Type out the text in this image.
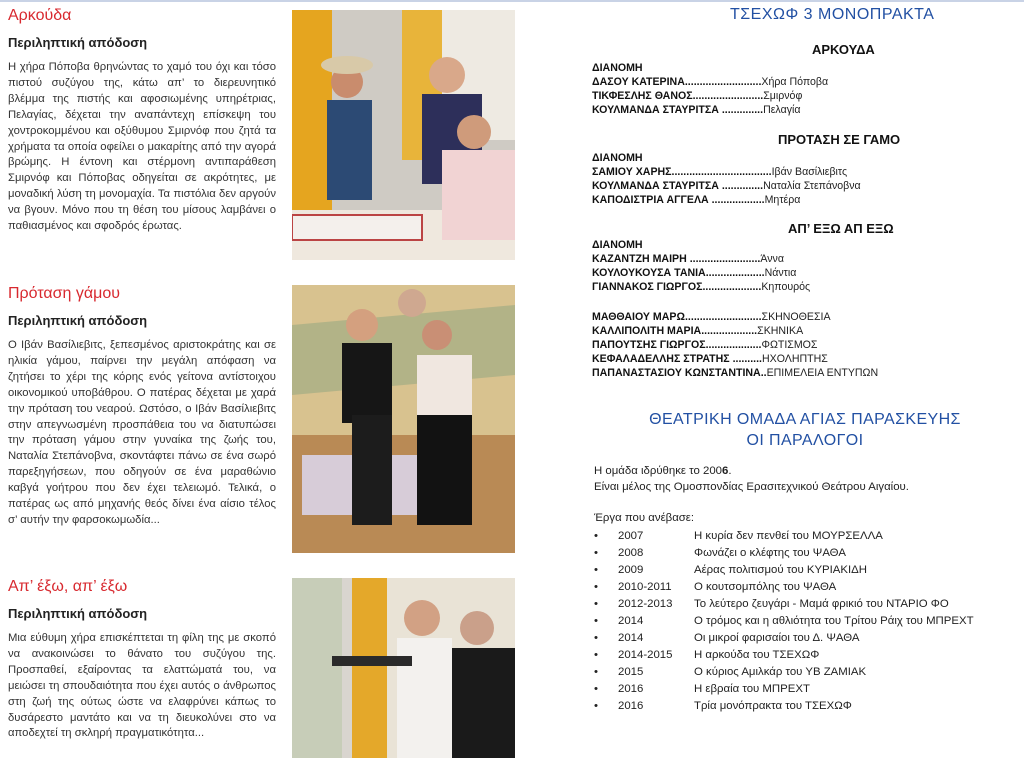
Αρκούδα
Περιληπτική απόδοση

Η χήρα Πόποβα θρηνώντας το χαμό του όχι και τόσο πιστού συζύγου της, κάτω απ’ το διερευνητικό βλέμμα της πιστής και αφοσιωμένης υπηρέτριας, Πελαγίας, δέχεται την αναπάντεχη επίσκεψη του χοντροκομμένου και οξύθυμου Σμιρνόφ που ζητά τα χρήματα τα οποία οφείλει ο μακαρίτης από την αγορά βρώμης. Η έντονη και στέρμονη αντιπαράθεση Σμιρνόφ και Πόποβας οδηγείται σε ακρότητες, με μοναδική λύση τη μονομαχία. Τα πιστόλια δεν αργούν να βγουν. Μόνο που τη θέση του μίσους λαμβάνει ο παθιασμένος και σφοδρός έρωτας.

Πρόταση γάμου
Περιληπτική απόδοση

Ο Ιβάν Βασίλιεβιτς, ξεπεσμένος αριστοκράτης και σε ηλικία γάμου, παίρνει την μεγάλη απόφαση να ζητήσει το χέρι της κόρης ενός γείτονα αντίστοιχου οικονομικού υποβάθρου. Ο πατέρας δέχεται με χαρά την πρόταση του νεαρού. Ωστόσο, ο Ιβάν Βασίλιεβιτς στην απεγνωσμένη προσπάθεια του να διατυπώσει την πρόταση γάμου στην γυναίκα της ζωής του, Ναταλία Στεπάνοβνα, σκοντάφτει πάνω σε ένα σωρό παρεξηγήσεων, που οδηγούν σε ένα μαραθώνιο καβγά γοήτρου που δεν έχει τελειωμό. Τελικά, ο πατέρας ως από μηχανής θεός δίνει ένα αίσιο τέλος σ’ αυτήν την φαρσοκωμωδία...

Απ’ έξω, απ’ έξω
Περιληπτική απόδοση

Μια εύθυμη χήρα επισκέπτεται τη φίλη της με σκοπό να ανακοινώσει το θάνατο του συζύγου της. Προσπαθεί, εξαίροντας τα ελαττώματά του, να μειώσει τη σπουδαιότητα που έχει αυτός ο άνθρωπος στη ζωή της ούτως ώστε να ελαφρύνει κάπως το δυσάρεστο μαντάτο και να τη διευκολύνει στο να αποδεχτεί τη σκληρή πραγματικότητα...

ΤΣΕΧΩΦ 3 ΜΟΝΟΠΡΑΚΤΑ
ΑΡΚΟΥΔΑ
ΔΙΑΝΟΜΗ
ΔΑΣΟΥ ΚΑΤΕΡΙΝΑ..........................Χήρα Πόποβα
ΤΙΚΦΕΣΛΗΣ ΘΑΝΟΣ........................Σμιρνόφ
ΚΟΥΛΜΑΝΔΑ ΣΤΑΥΡΙΤΣΑ ..............Πελαγία
ΠΡΟΤΑΣΗ ΣΕ ΓΑΜΟ
ΔΙΑΝΟΜΗ
ΣΑΜΙΟΥ ΧΑΡΗΣ..................................Ιβάν Βασίλιεβιτς
ΚΟΥΛΜΑΝΔΑ ΣΤΑΥΡΙΤΣΑ ..............Ναταλία Στεπάνοβνα
ΚΑΠΟΔΙΣΤΡΙΑ ΑΓΓΕΛΑ ..................Μητέρα
ΑΠ’ ΕΞΩ ΑΠ ΕΞΩ
ΔΙΑΝΟΜΗ
ΚΑΖΑΝΤΖΗ ΜΑΙΡΗ ........................Άννα
ΚΟΥΛΟΥΚΟΥΣΑ ΤΑΝΙΑ....................Νάντια
ΓΙΑΝΝΑΚΟΣ ΓΙΩΡΓΟΣ....................Κηπουρός
ΜΑΘΘΑΙΟΥ ΜΑΡΩ..........................ΣΚΗΝΟΘΕΣΙΑ
ΚΑΛΛΙΠΟΛΙΤΗ ΜΑΡΙΑ...................ΣΚΗΝΙΚΑ
ΠΑΠΟΥΤΣΗΣ ΓΙΩΡΓΟΣ...................ΦΩΤΙΣΜΟΣ
ΚΕΦΑΛΑΔΕΛΛΗΣ ΣΤΡΑΤΗΣ ..........ΗΧΟΛΗΠΤΗΣ
ΠΑΠΑΝΑΣΤΑΣΙΟΥ ΚΩΝΣΤΑΝΤΙΝΑ..ΕΠΙΜΕΛΕΙΑ ΕΝΤΥΠΩΝ
ΘΕΑΤΡΙΚΗ ΟΜΑΔΑ ΑΓΙΑΣ ΠΑΡΑΣΚΕΥΗΣ
ΟΙ ΠΑΡΑΛΟΓΟΙ
Η ομάδα ιδρύθηκε το 2006.
Είναι μέλος της Ομοσπονδίας Ερασιτεχνικού Θεάτρου Αιγαίου.
Έργα που ανέβασε:
• 2007	Η κυρία δεν πενθεί του ΜΟΥΡΣΕΛΛΑ
• 2008	Φωνάζει ο κλέφτης του ΨΑΘΑ
• 2009	Αέρας πολιτισμού του ΚΥΡΙΑΚΙΔΗ
• 2010-2011 Ο κουτσομπόλης του ΨΑΘΑ
• 2012-2013 Το λεύτερο ζευγάρι - Μαμά φρικιό του ΝΤΑΡΙΟ ΦΟ
• 2014	Ο τρόμος και η αθλιότητα του Τρίτου Ράιχ του ΜΠΡΕΧΤ
• 2014	Οι μικροί φαρισαίοι του Δ. ΨΑΘΑ
• 2014-2015 Η αρκούδα του ΤΣΕΧΩΦ
• 2015	Ο κύριος Αμιλκάρ του ΥΒ ΖΑΜΙΑΚ
• 2016	Η εβραία του ΜΠΡΕΧΤ
• 2016	Τρία μονόπρακτα του ΤΣΕΧΩΦ
